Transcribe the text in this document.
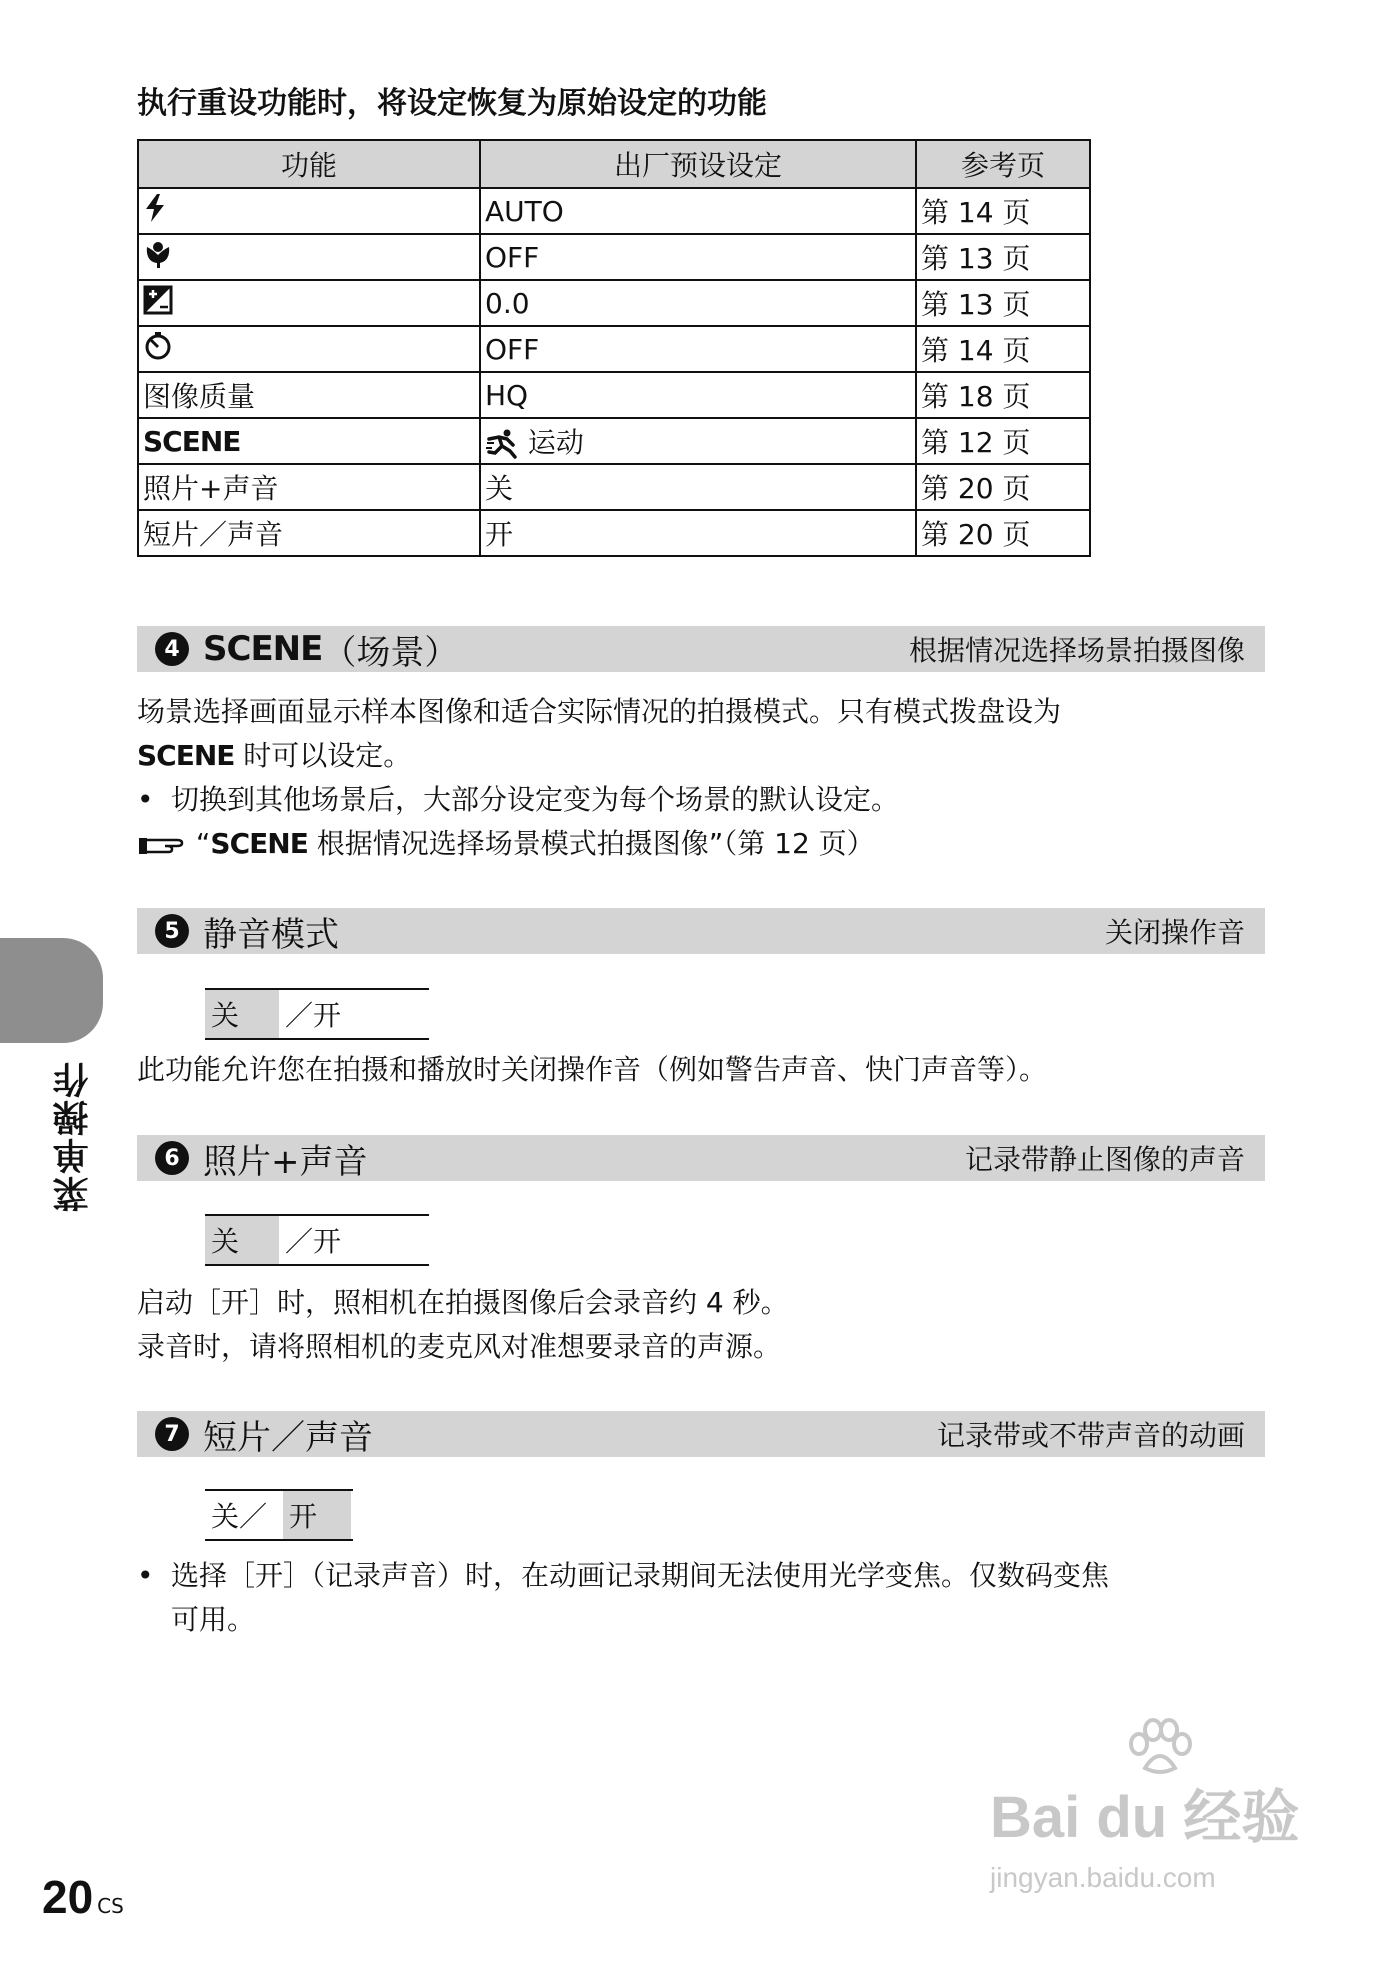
执行重设功能时，将设定恢复为原始设定的功能
功能	出厂预设设定	参考页
	AUTO	第 14 页
	OFF	第 13 页
	0.0	第 13 页
	OFF	第 14 页
图像质量	HQ	第 18 页
SCENE	运动	第 12 页
照片+声音	关	第 20 页
短片／声音	开	第 20 页
4 SCENE （场景）	根据情况选择场景拍摄图像
场景选择画面显示样本图像和适合实际情况的拍摄模式。只有模式拨盘设为
SCENE 时可以设定。
• 切换到其他场景后，大部分设定变为每个场景的默认设定。
“SCENE 根据情况选择场景模式拍摄图像”（第 12 页）
5 静音模式	关闭操作音
关	／开
此功能允许您在拍摄和播放时关闭操作音（例如警告声音、快门声音等）。
6 照片+声音	记录带静止图像的声音
关	／开
启动［开］时，照相机在拍摄图像后会录音约 4 秒。
录音时，请将照相机的麦克风对准想要录音的声源。
7 短片／声音	记录带或不带声音的动画
关／ 开
• 选择［开］（记录声音）时，在动画记录期间无法使用光学变焦。仅数码变焦
可用。
菜单操作
20 CS
Bai du 经验
jingyan.baidu.com
